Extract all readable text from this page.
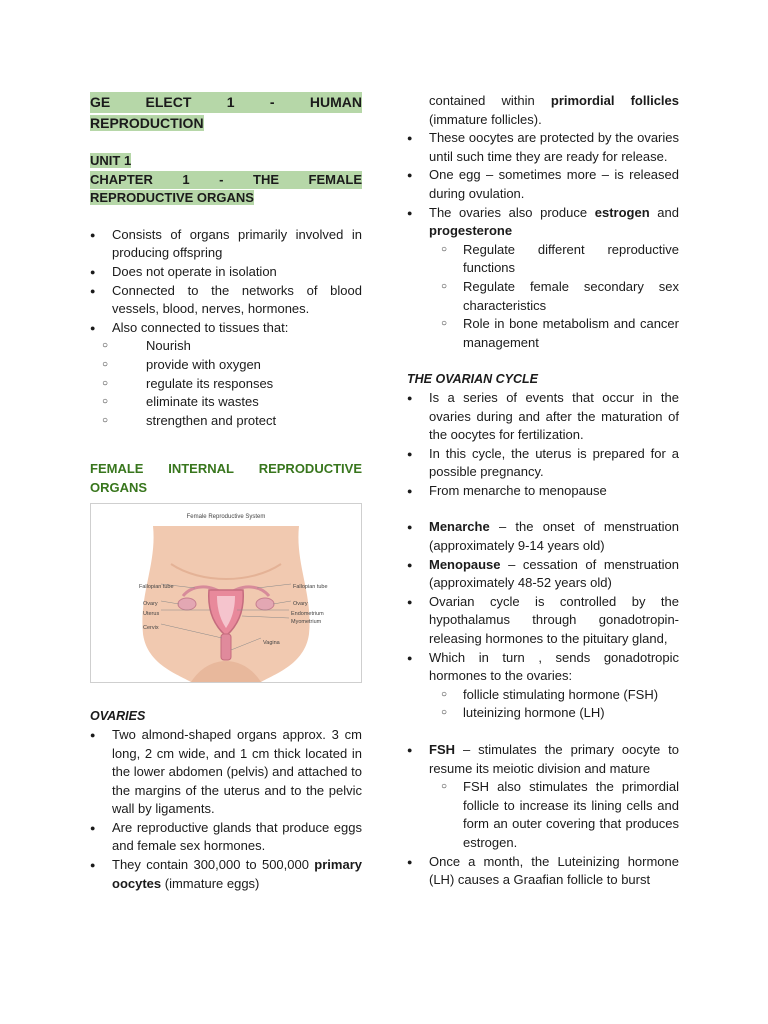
GE	ELECT	1	-	HUMAN
REPRODUCTION
UNIT 1
CHAPTER 1 - THE FEMALE
REPRODUCTIVE ORGANS
● Consists of organs primarily involved in producing offspring
● Does not operate in isolation
● Connected to the networks of blood vessels, blood, nerves, hormones.
● Also connected to tissues that:
○ Nourish
○ provide with oxygen
○ regulate its responses
○ eliminate its wastes
○ strengthen and protect
FEMALE INTERNAL REPRODUCTIVE
ORGANS
Female Reproductive System
Fallopian tube	Fallopian tube
Ovary	Ovary
Uterus	Endometrium
Myometrium
Cervix
Vagina
OVARIES
● Two almond-shaped organs approx. 3 cm long, 2 cm wide, and 1 cm thick located in the lower abdomen (pelvis) and attached to the margins of the uterus and to the pelvic wall by ligaments.
● Are reproductive glands that produce eggs and female sex hormones.
● They contain 300,000 to 500,000 primary oocytes (immature eggs)
contained within primordial follicles (immature follicles).
● These oocytes are protected by the ovaries until such time they are ready for release.
● One egg – sometimes more – is released during ovulation.
● The ovaries also produce estrogen and progesterone
○ Regulate different reproductive functions
○ Regulate female secondary sex characteristics
○ Role in bone metabolism and cancer management
THE OVARIAN CYCLE
● Is a series of events that occur in the ovaries during and after the maturation of the oocytes for fertilization.
● In this cycle, the uterus is prepared for a possible pregnancy.
● From menarche to menopause
● Menarche – the onset of menstruation (approximately 9-14 years old)
● Menopause – cessation of menstruation (approximately 48-52 years old)
● Ovarian cycle is controlled by the hypothalamus through gonadotropin-releasing hormones to the pituitary gland,
● Which in turn , sends gonadotropic hormones to the ovaries:
○ follicle stimulating hormone (FSH)
○ luteinizing hormone (LH)
● FSH – stimulates the primary oocyte to resume its meiotic division and mature
○ FSH also stimulates the primordial follicle to increase its lining cells and form an outer covering that produces estrogen.
● Once a month, the Luteinizing hormone (LH) causes a Graafian follicle to burst
